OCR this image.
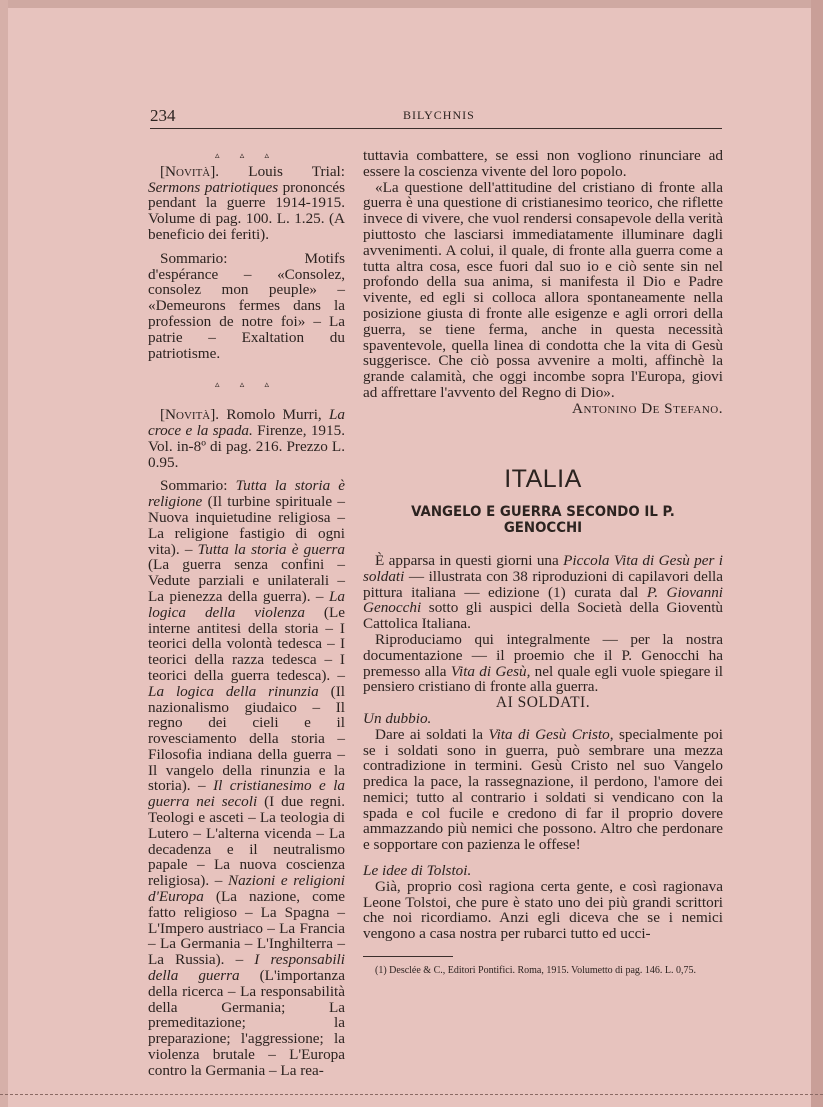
234	BILYCHNIS

▵ ▵ ▵

[Novità]. Louis Trial: Sermons patriotiques prononcés pendant la guerre 1914-1915. Volume di pag. 100. L. 1.25. (A beneficio dei feriti).

Sommario:	Motifs d'espérance – «Consolez, consolez mon peuple» – «Demeurons fermes dans la profession de notre foi» – La patrie – Exaltation du patriotisme.

▵ ▵ ▵

[Novità]. Romolo Murri, La croce e la spada. Firenze, 1915. Vol. in-8º di pag. 216. Prezzo L. 0.95.

Sommario: Tutta la storia è religione (Il turbine spirituale – Nuova inquietudine religiosa – La religione fastigio di ogni vita). – Tutta la storia è guerra (La guerra senza confini – Vedute parziali e unilaterali – La pienezza della guerra). – La logica della violenza (Le interne antitesi della storia – I teorici della volontà tedesca – I teorici della razza tedesca – I teorici della guerra tedesca). – La logica della rinunzia (Il nazionalismo giudaico – Il regno dei cieli e il rovesciamento della storia – Filosofia indiana della guerra – Il vangelo della rinunzia e la storia). – Il cristianesimo e la guerra nei secoli (I due regni. Teologi e asceti – La teologia di Lutero – L'alterna vicenda – La decadenza e il neutralismo papale – La nuova coscienza religiosa). – Nazioni e religioni d'Europa (La nazione, come fatto religioso – La Spagna – L'Impero austriaco – La Francia – La Germania – L'Inghilterra – La Russia). – I responsabili della guerra (L'importanza della ricerca – La responsabilità della Germania; La premeditazione; la preparazione; l'aggressione; la violenza brutale – L'Europa contro la Germania – La rea-

tuttavia combattere, se essi non vogliono rinunciare ad essere la coscienza vivente del loro popolo.

«La questione dell'attitudine del cristiano di fronte alla guerra è una questione di cristianesimo teorico, che riflette invece di vivere, che vuol rendersi consapevole della verità piuttosto che lasciarsi immediatamente illuminare dagli avvenimenti. A colui, il quale, di fronte alla guerra come a tutta altra cosa, esce fuori dal suo io e ciò sente sin nel profondo della sua anima, si manifesta il Dio e Padre vivente, ed egli si colloca allora spontaneamente nella posizione giusta di fronte alle esigenze e agli orrori della guerra, se tiene ferma, anche in questa necessità spaventevole, quella linea di condotta che la vita di Gesù suggerisce. Che ciò possa avvenire a molti, affinchè la grande calamità, che oggi incombe sopra l'Europa, giovi ad affrettare l'avvento del Regno di Dio».

Antonino De Stefano.

ITALIA
VANGELO E GUERRA SECONDO IL P. GENOCCHI

È apparsa in questi giorni una Piccola Vita di Gesù per i soldati — illustrata con 38 riproduzioni di capilavori della pittura italiana — edizione (1) curata dal P. Giovanni Genocchi sotto gli auspici della Società della Gioventù Cattolica Italiana.

Riproduciamo qui integralmente — per la nostra documentazione — il proemio che il P. Genocchi ha premesso alla Vita di Gesù, nel quale egli vuole spiegare il pensiero cristiano di fronte alla guerra.

AI SOLDATI.

Un dubbio.

Dare ai soldati la Vita di Gesù Cristo, specialmente poi se i soldati sono in guerra, può sembrare una mezza contradizione in termini. Gesù Cristo nel suo Vangelo predica la pace, la rassegnazione, il perdono, l'amore dei nemici; tutto al contrario i soldati si vendicano con la spada e col fucile e credono di far il proprio dovere ammazzando più nemici che possono. Altro che perdonare e sopportare con pazienza le offese!

Le idee di Tolstoi.

Già, proprio così ragiona certa gente, e così ragionava Leone Tolstoi, che pure è stato uno dei più grandi scrittori che noi ricordiamo. Anzi egli diceva che se i nemici vengono a casa nostra per rubarci tutto ed ucci-

(1) Desclée & C., Editori Pontifici. Roma, 1915. Volumetto di pag. 146. L. 0,75.
